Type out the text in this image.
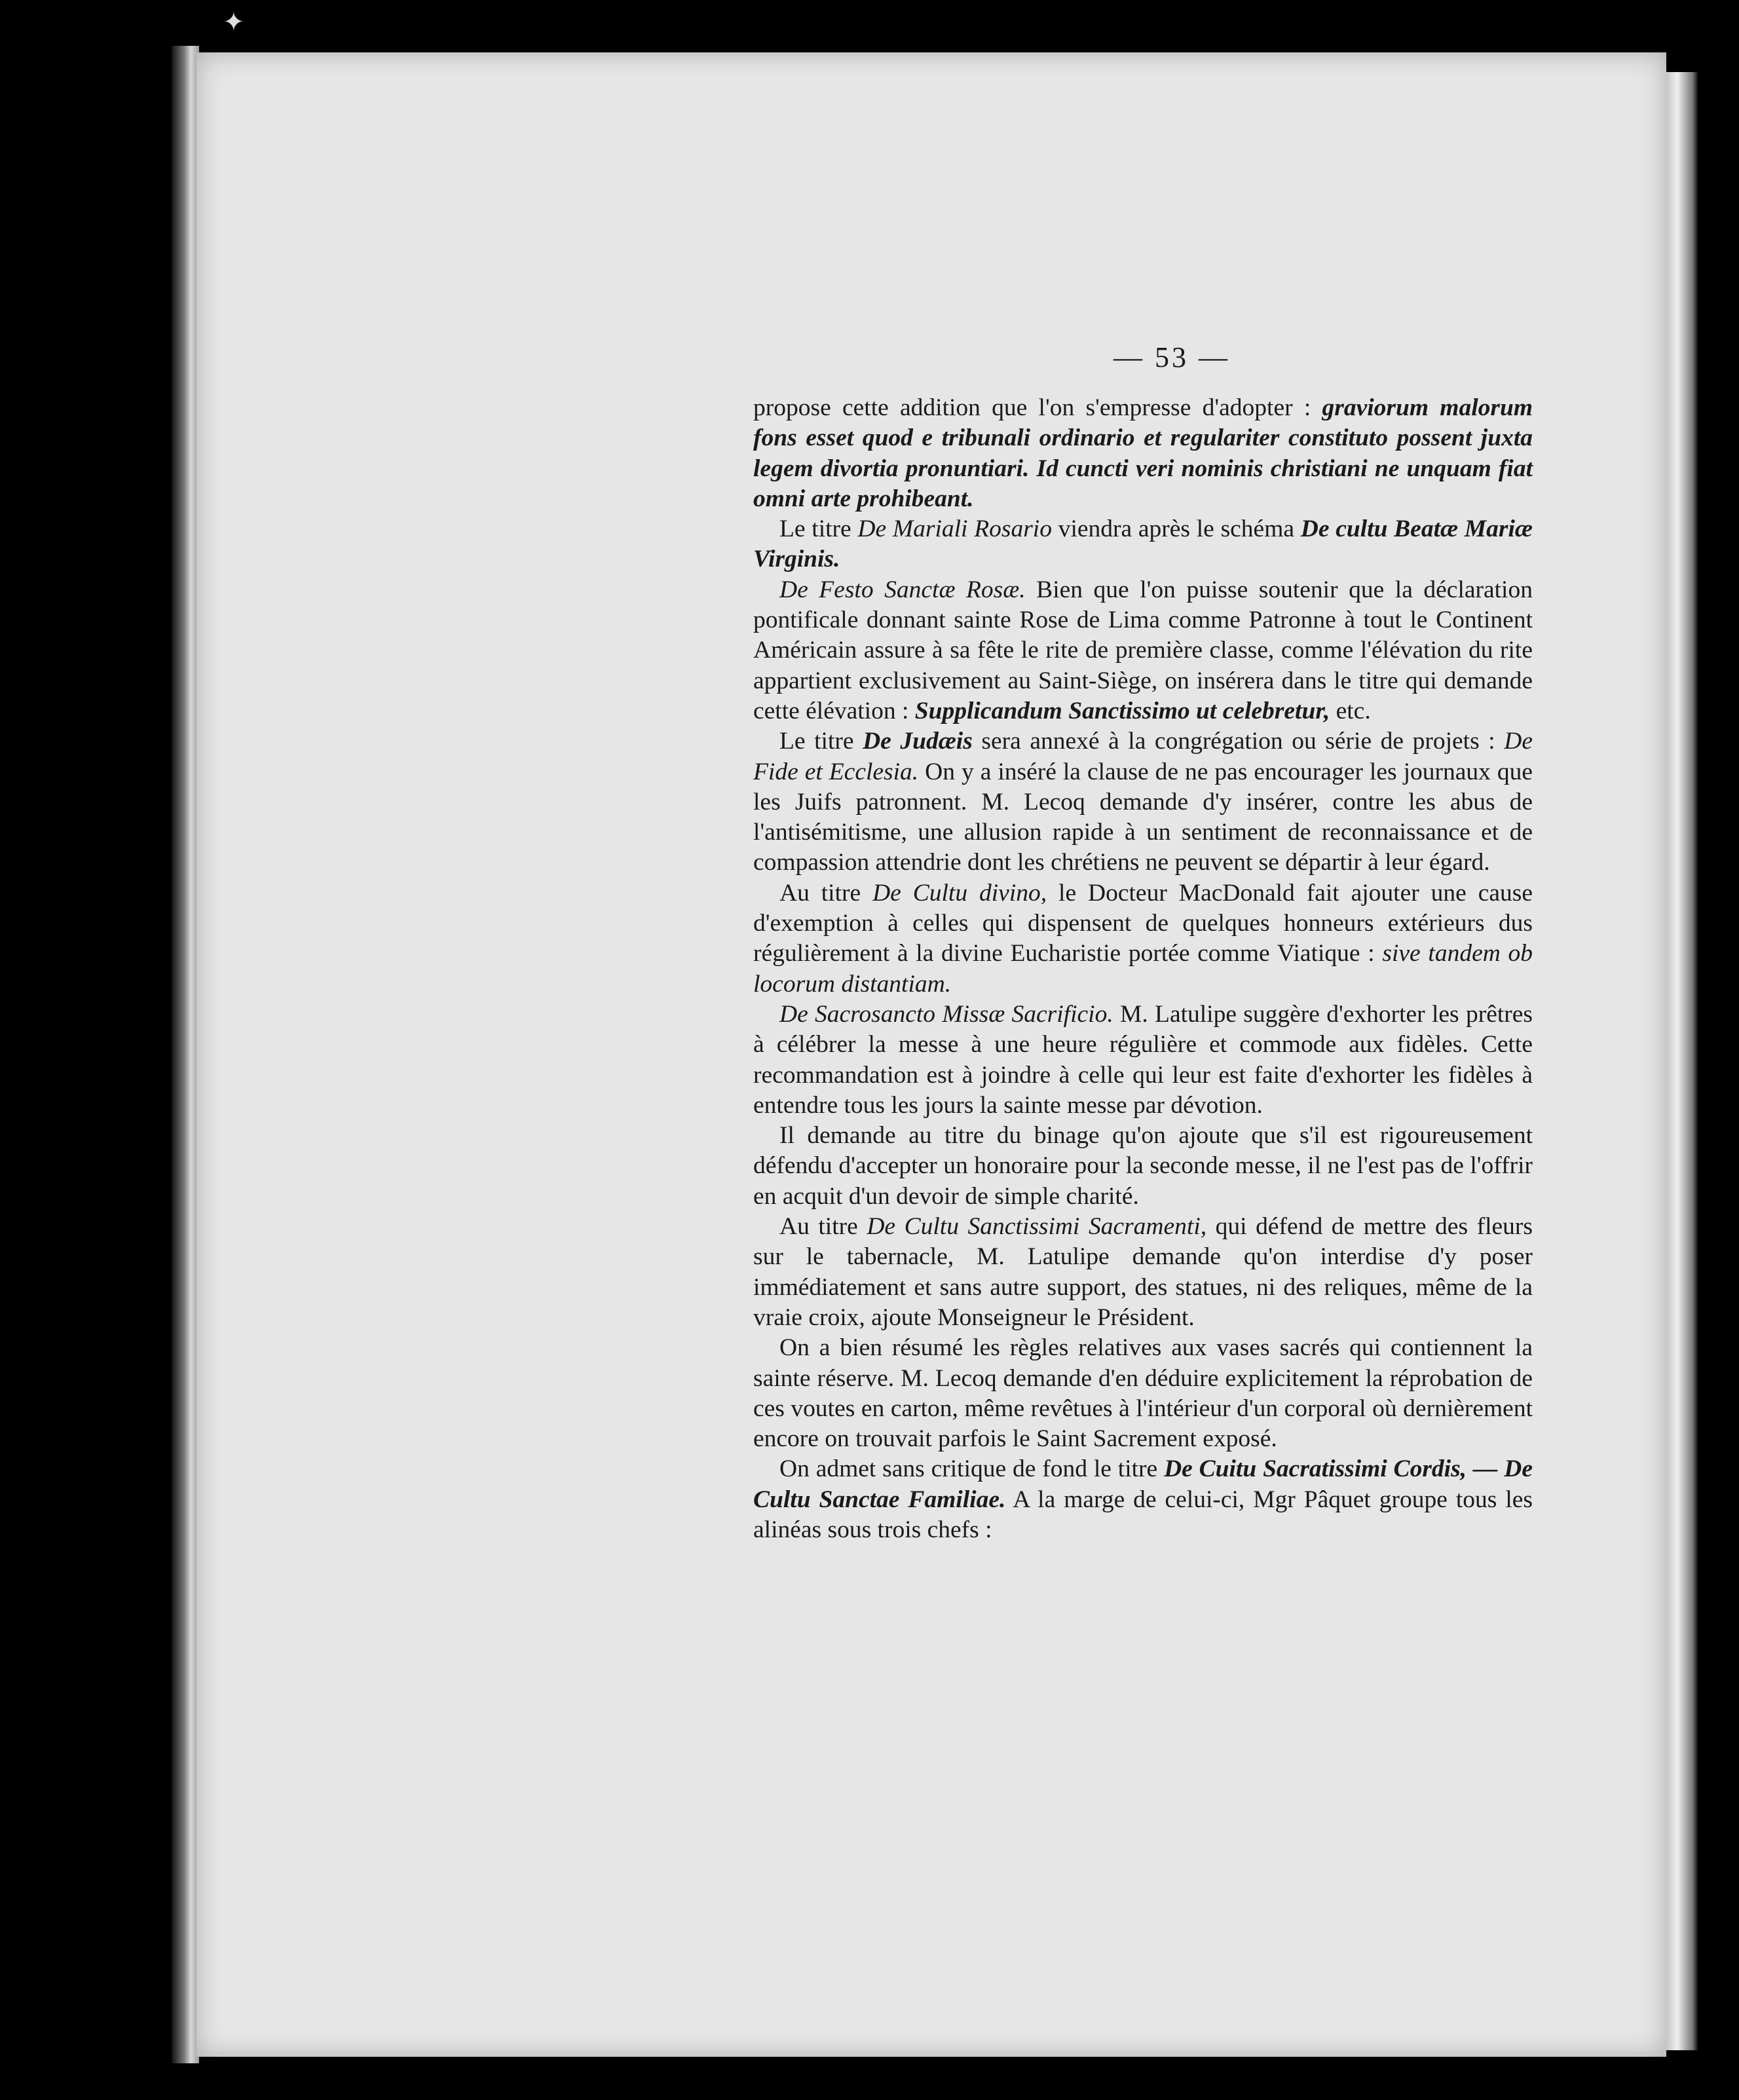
✦
— 53 —

propose cette addition que l'on s'empresse d'adopter : graviorum malorum fons esset quod e tribunali ordinario et regulariter constituto possent juxta legem divortia pronuntiari. Id cuncti veri nominis christiani ne unquam fiat omni arte prohibeant.

Le titre De Mariali Rosario viendra après le schéma De cultu Beatæ Mariæ Virginis.

De Festo Sanctæ Rosæ. Bien que l'on puisse soutenir que la déclaration pontificale donnant sainte Rose de Lima comme Patronne à tout le Continent Américain assure à sa fête le rite de première classe, comme l'élévation du rite appartient exclusivement au Saint-Siège, on insérera dans le titre qui demande cette élévation : Supplicandum Sanctissimo ut celebretur, etc.

Le titre De Judæis sera annexé à la congrégation ou série de projets : De Fide et Ecclesia. On y a inséré la clause de ne pas encourager les journaux que les Juifs patronnent. M. Lecoq demande d'y insérer, contre les abus de l'antisémitisme, une allusion rapide à un sentiment de reconnaissance et de compassion attendrie dont les chrétiens ne peuvent se départir à leur égard.

Au titre De Cultu divino, le Docteur MacDonald fait ajouter une cause d'exemption à celles qui dispensent de quelques honneurs extérieurs dus régulièrement à la divine Eucharistie portée comme Viatique : sive tandem ob locorum distantiam.

De Sacrosancto Missæ Sacrificio. M. Latulipe suggère d'exhorter les prêtres à célébrer la messe à une heure régulière et commode aux fidèles. Cette recommandation est à joindre à celle qui leur est faite d'exhorter les fidèles à entendre tous les jours la sainte messe par dévotion.

Il demande au titre du binage qu'on ajoute que s'il est rigoureusement défendu d'accepter un honoraire pour la seconde messe, il ne l'est pas de l'offrir en acquit d'un devoir de simple charité.

Au titre De Cultu Sanctissimi Sacramenti, qui défend de mettre des fleurs sur le tabernacle, M. Latulipe demande qu'on interdise d'y poser immédiatement et sans autre support, des statues, ni des reliques, même de la vraie croix, ajoute Monseigneur le Président.

On a bien résumé les règles relatives aux vases sacrés qui contiennent la sainte réserve. M. Lecoq demande d'en déduire explicitement la réprobation de ces voutes en carton, même revêtues à l'intérieur d'un corporal où dernièrement encore on trouvait parfois le Saint Sacrement exposé.

On admet sans critique de fond le titre De Cuitu Sacratissimi Cordis, — De Cultu Sanctae Familiae. A la marge de celui-ci, Mgr Pâquet groupe tous les alinéas sous trois chefs :
